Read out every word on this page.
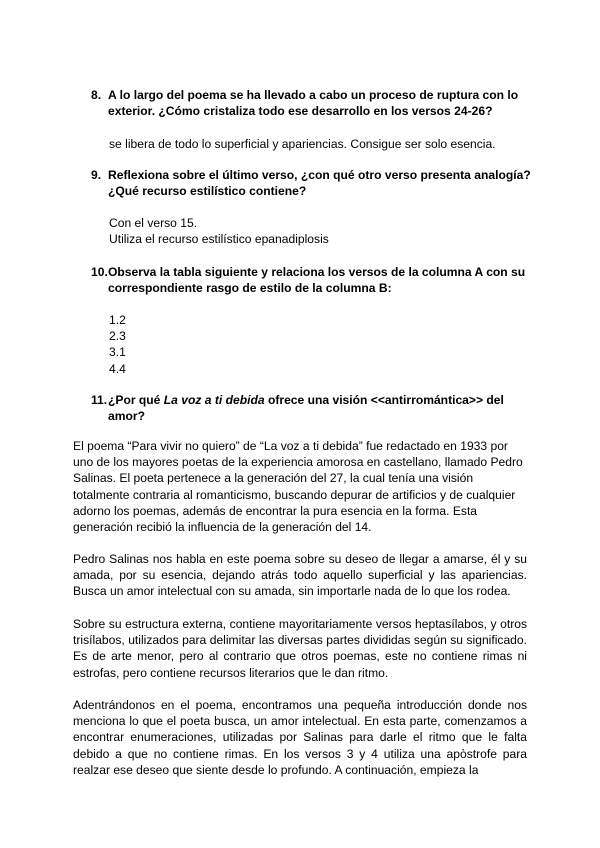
8. A lo largo del poema se ha llevado a cabo un proceso de ruptura con lo exterior. ¿Cómo cristaliza todo ese desarrollo en los versos 24-26?
se libera de todo lo superficial y apariencias. Consigue ser solo esencia.
9. Reflexiona sobre el último verso, ¿con qué otro verso presenta analogía?¿Qué recurso estilístico contiene?
Con el verso 15.
Utiliza el recurso estilístico epanadiplosis
10. Observa la tabla siguiente y relaciona los versos de la columna A con su correspondiente rasgo de estilo de la columna B:
1.2
2.3
3.1
4.4
11. ¿Por qué La voz a ti debida ofrece una visión <<antirromántica>> del amor?
El poema “Para vivir no quiero” de “La voz a ti debida” fue redactado en 1933 por uno de los mayores poetas de la experiencia amorosa en castellano, llamado Pedro Salinas. El poeta pertenece a la generación del 27, la cual tenía una visión totalmente contraria al romanticismo, buscando depurar de artificios y de cualquier adorno los poemas, además de encontrar la pura esencia en la forma. Esta generación recibió la influencia de la generación del 14.
Pedro Salinas nos habla en este poema sobre su deseo de llegar a amarse, él y su amada, por su esencia, dejando atrás todo aquello superficial y las apariencias. Busca un amor intelectual con su amada, sin importarle nada de lo que los rodea.
Sobre su estructura externa, contiene mayoritariamente versos heptasílabos, y otros trisílabos, utilizados para delimitar las diversas partes divididas según su significado. Es de arte menor, pero al contrario que otros poemas, este no contiene rimas ni estrofas, pero contiene recursos literarios que le dan ritmo.
Adentrándonos en el poema, encontramos una pequeña introducción donde nos menciona lo que el poeta busca, un amor intelectual. En esta parte, comenzamos a encontrar enumeraciones, utilizadas por Salinas para darle el ritmo que le falta debido a que no contiene rimas. En los versos 3 y 4 utiliza una apòstrofe para realzar ese deseo que siente desde lo profundo. A continuación, empieza la
